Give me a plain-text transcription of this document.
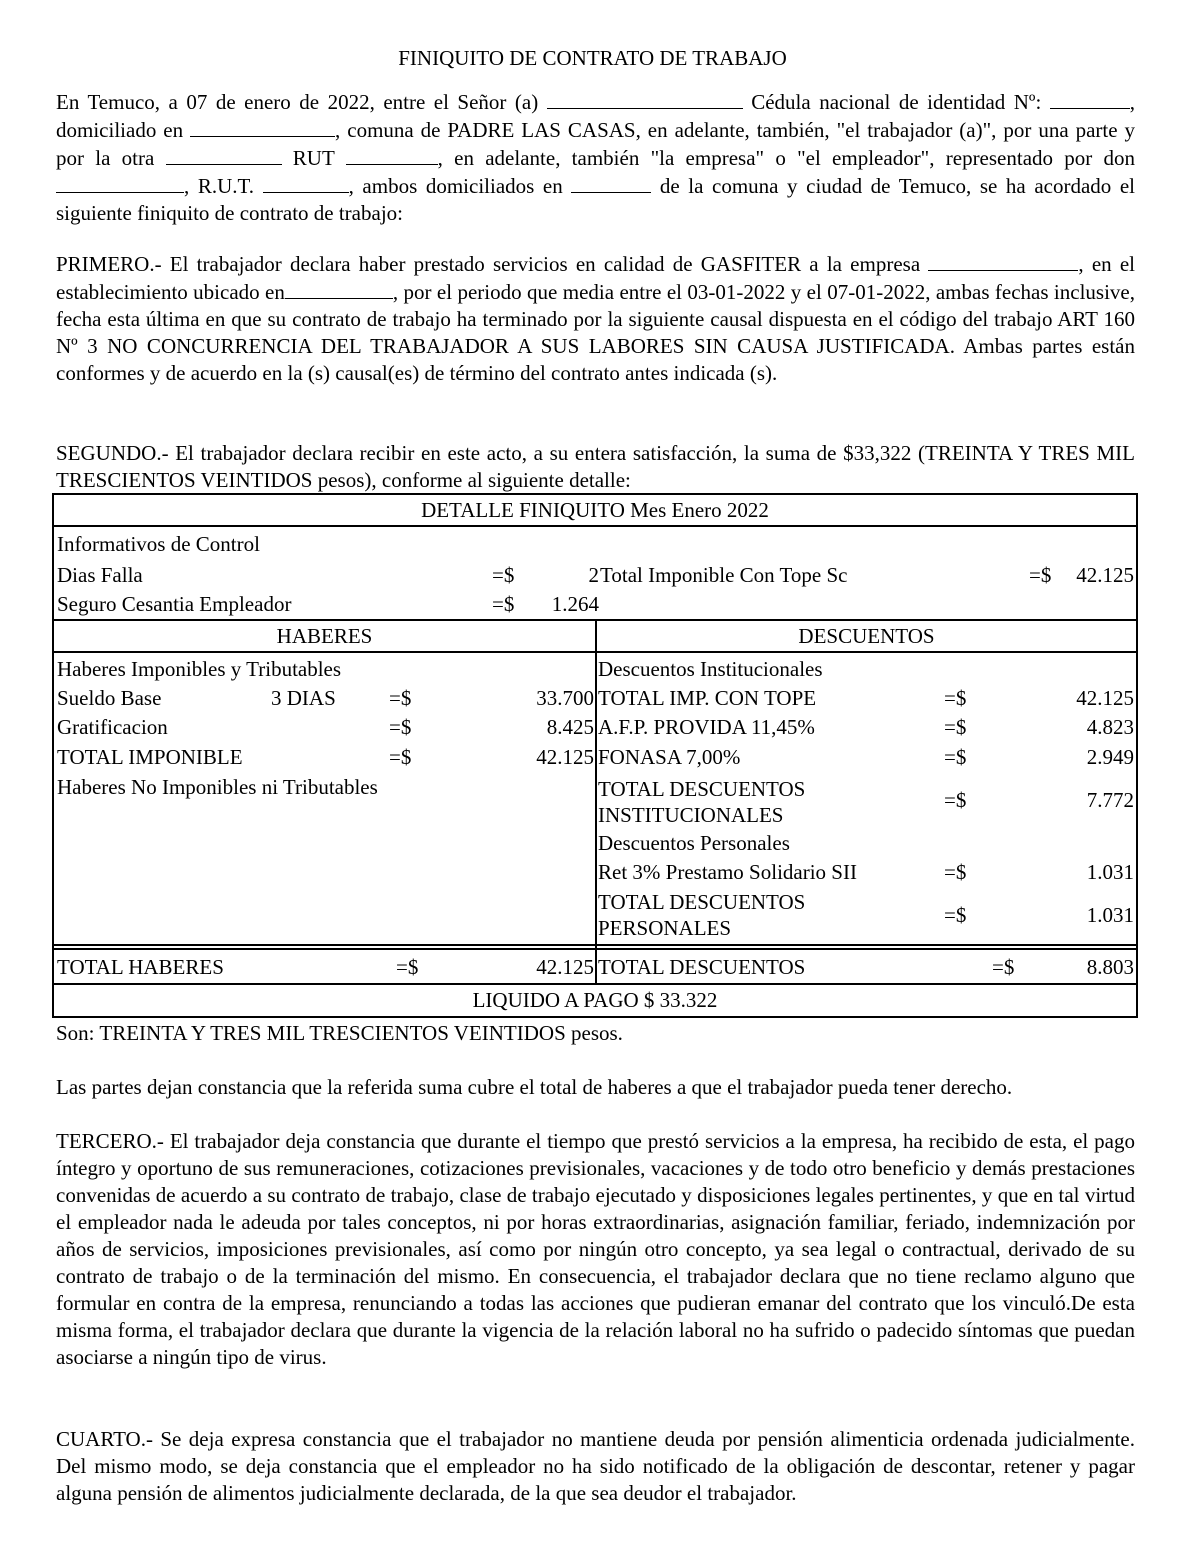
FINIQUITO DE CONTRATO DE TRABAJO
En Temuco, a 07 de enero de 2022, entre el Señor (a)	Cédula nacional de identidad Nº:	, domiciliado en	, comuna de PADRE LAS CASAS, en adelante, también, "el trabajador (a)", por una parte y por la otra	RUT	, en adelante, también "la empresa" o "el empleador", representado por don , R.U.T.	, ambos domiciliados en	de la comuna y ciudad de Temuco, se ha acordado el siguiente finiquito de contrato de trabajo:
PRIMERO.- El trabajador declara haber prestado servicios en calidad de GASFITER a la empresa	, en el establecimiento ubicado en	, por el periodo que media entre el 03-01-2022 y el 07-01-2022, ambas fechas inclusive, fecha esta última en que su contrato de trabajo ha terminado por la siguiente causal dispuesta en el código del trabajo ART 160 Nº 3 NO CONCURRENCIA DEL TRABAJADOR A SUS LABORES SIN CAUSA JUSTIFICADA. Ambas partes están conformes y de acuerdo en la (s) causal(es) de término del contrato antes indicada (s).
SEGUNDO.- El trabajador declara recibir en este acto, a su entera satisfacción, la suma de $33,322 (TREINTA Y TRES MIL TRESCIENTOS VEINTIDOS pesos), conforme al siguiente detalle:
DETALLE FINIQUITO Mes Enero 2022
Informativos de Control
Dias Falla	=$	2 Total Imponible Con Tope Sc	=$	42.125
Seguro Cesantia Empleador	=$	1.264
HABERES	DESCUENTOS
Haberes Imponibles y Tributables
Sueldo Base	3 DIAS	=$	33.700
Gratificacion	=$	8.425
TOTAL IMPONIBLE	=$	42.125
Haberes No Imponibles ni Tributables
Descuentos Institucionales
TOTAL IMP. CON TOPE	=$	42.125
A.F.P. PROVIDA 11,45%	=$	4.823
FONASA 7,00%	=$	2.949
TOTAL DESCUENTOS INSTITUCIONALES
=$	7.772
Descuentos Personales
Ret 3% Prestamo Solidario SII	=$	1.031
TOTAL DESCUENTOS PERSONALES
=$	1.031
TOTAL HABERES	=$	42.125 TOTAL DESCUENTOS	=$	8.803
LIQUIDO A PAGO $ 33.322
Son: TREINTA Y TRES MIL TRESCIENTOS VEINTIDOS pesos.
Las partes dejan constancia que la referida suma cubre el total de haberes a que el trabajador pueda tener derecho.
TERCERO.- El trabajador deja constancia que durante el tiempo que prestó servicios a la empresa, ha recibido de esta, el pago íntegro y oportuno de sus remuneraciones, cotizaciones previsionales, vacaciones y de todo otro beneficio y demás prestaciones convenidas de acuerdo a su contrato de trabajo, clase de trabajo ejecutado y disposiciones legales pertinentes, y que en tal virtud el empleador nada le adeuda por tales conceptos, ni por horas extraordinarias, asignación familiar, feriado, indemnización por años de servicios, imposiciones previsionales, así como por ningún otro concepto, ya sea legal o contractual, derivado de su contrato de trabajo o de la terminación del mismo. En consecuencia, el trabajador declara que no tiene reclamo alguno que formular en contra de la empresa, renunciando a todas las acciones que pudieran emanar del contrato que los vinculó.De esta misma forma, el trabajador declara que durante la vigencia de la relación laboral no ha sufrido o padecido síntomas que puedan asociarse a ningún tipo de virus.
CUARTO.- Se deja expresa constancia que el trabajador no mantiene deuda por pensión alimenticia ordenada judicialmente. Del mismo modo, se deja constancia que el empleador no ha sido notificado de la obligación de descontar, retener y pagar alguna pensión de alimentos judicialmente declarada, de la que sea deudor el trabajador.
